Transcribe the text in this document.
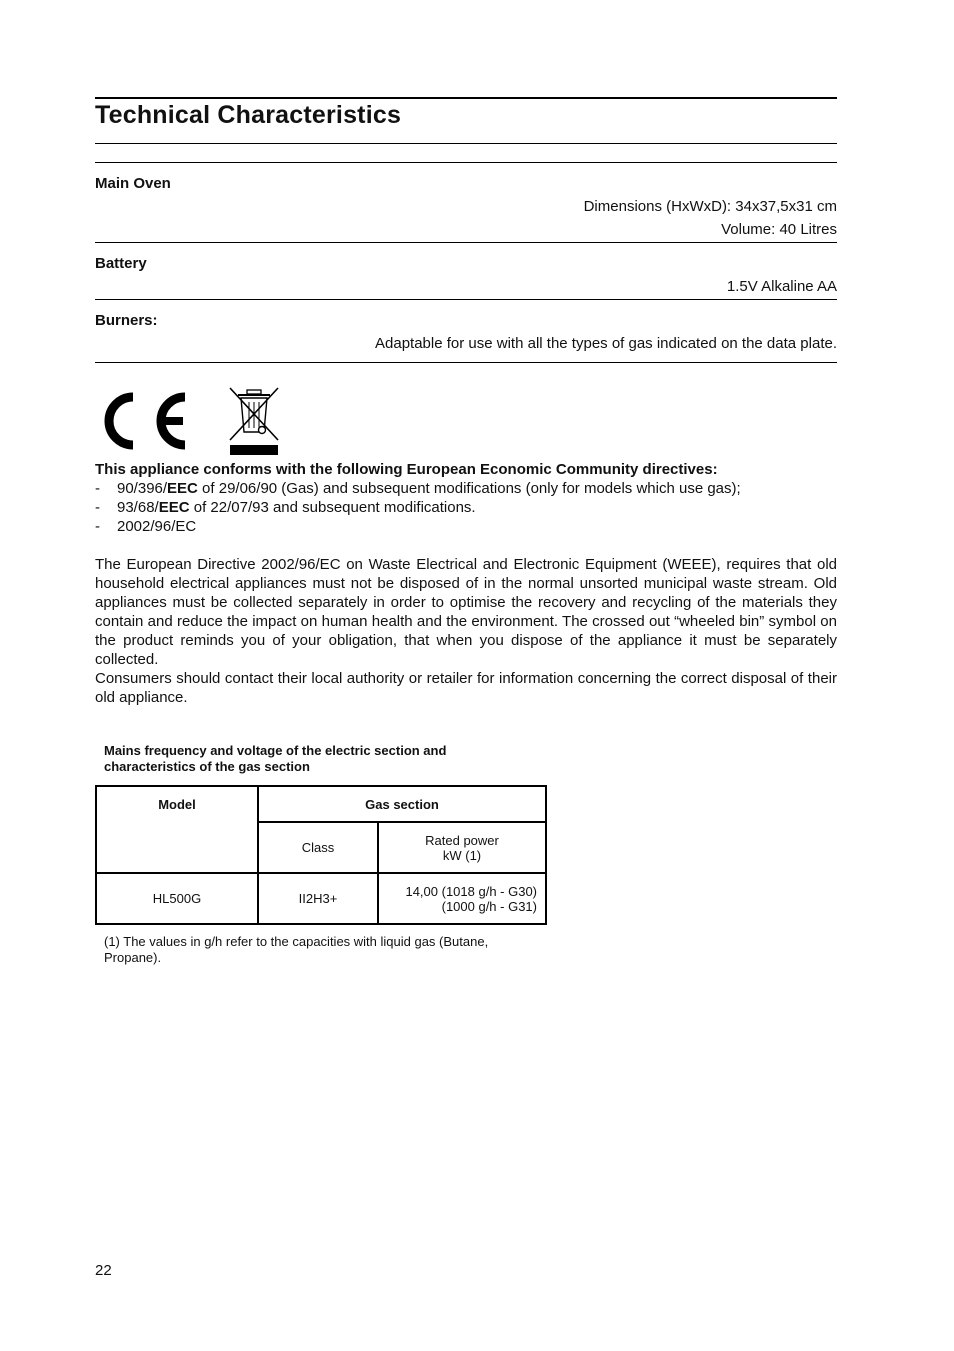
Technical Characteristics
Main Oven
Dimensions (HxWxD): 34x37,5x31 cm
Volume: 40 Litres
Battery
1.5V Alkaline AA
Burners:
Adaptable for use with all the types of gas indicated on the data plate.
This appliance conforms with the following European Economic Community directives:
- 90/396/EEC of 29/06/90 (Gas) and subsequent modifications (only for models which use gas);
- 93/68/EEC of 22/07/93 and subsequent modifications.
- 2002/96/EC
The European Directive 2002/96/EC on Waste Electrical and Electronic Equipment (WEEE), requires that old household electrical appliances must not be disposed of in the normal unsorted municipal waste stream. Old appliances must be collected separately in order to optimise the recovery and recycling of the materials they contain and reduce the impact on human health and the environment. The crossed out “wheeled bin” symbol on the product reminds you of your obligation, that when you dispose of the appliance it must be separately collected.
Consumers should contact their local authority or retailer for information concerning the correct disposal of their old appliance.
Mains frequency and voltage of the electric section and
characteristics of the gas section
Model	Gas section	
	Class	Rated power
kW (1)

HL500G	II2H3+	14,00 (1018 g/h - G30)
(1000 g/h - G31)
(1) The values in g/h refer to the capacities with liquid gas (Butane, Propane).
22
